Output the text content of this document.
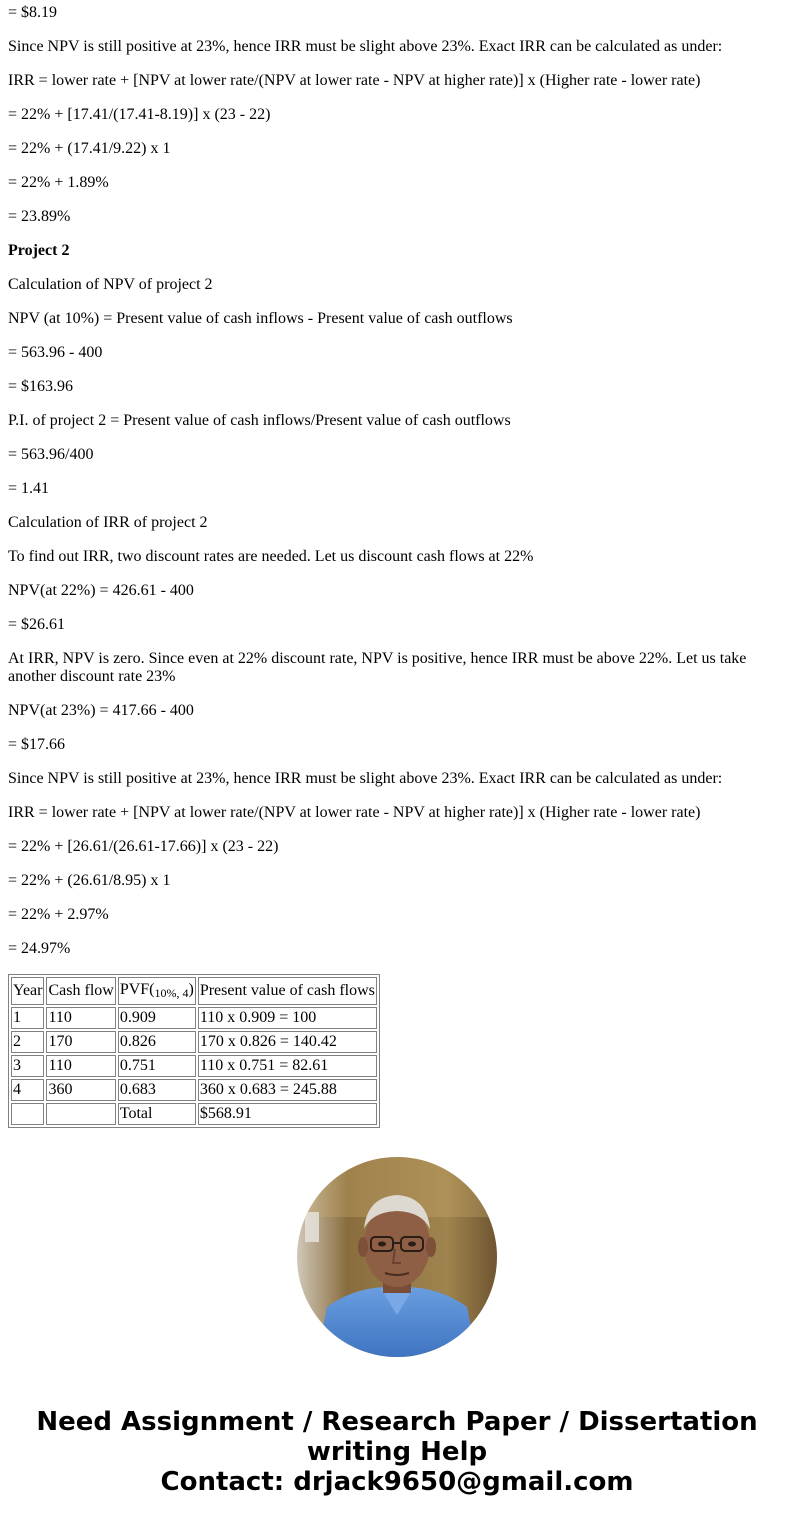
= $8.19

Since NPV is still positive at 23%, hence IRR must be slight above 23%. Exact IRR can be calculated as under:

IRR = lower rate + [NPV at lower rate/(NPV at lower rate - NPV at higher rate)] x (Higher rate - lower rate)

= 22% + [17.41/(17.41-8.19)] x (23 - 22)

= 22% + (17.41/9.22) x 1

= 22% + 1.89%

= 23.89%

Project 2

Calculation of NPV of project 2

NPV (at 10%) = Present value of cash inflows - Present value of cash outflows

= 563.96 - 400

= $163.96

P.I. of project 2 = Present value of cash inflows/Present value of cash outflows

= 563.96/400

= 1.41

Calculation of IRR of project 2

To find out IRR, two discount rates are needed. Let us discount cash flows at 22%

NPV(at 22%) = 426.61 - 400

= $26.61

At IRR, NPV is zero. Since even at 22% discount rate, NPV is positive, hence IRR must be above 22%. Let us take another discount rate 23%

NPV(at 23%) = 417.66 - 400

= $17.66

Since NPV is still positive at 23%, hence IRR must be slight above 23%. Exact IRR can be calculated as under:

IRR = lower rate + [NPV at lower rate/(NPV at lower rate - NPV at higher rate)] x (Higher rate - lower rate)

= 22% + [26.61/(26.61-17.66)] x (23 - 22)

= 22% + (26.61/8.95) x 1

= 22% + 2.97%

= 24.97%

Year	Cash flow	$PVF(_{10\%, 4})$	Present value of cash flows
1	110	0.909	110 x 0.909 = 100
2	170	0.826	170 x 0.826 = 140.42
3	110	0.751	110 x 0.751 = 82.61
4	360	0.683	360 x 0.683 = 245.88
		Total	$568.91
Need Assignment / Research Paper / Dissertation
writing Help
Contact: drjack9650@gmail.com
